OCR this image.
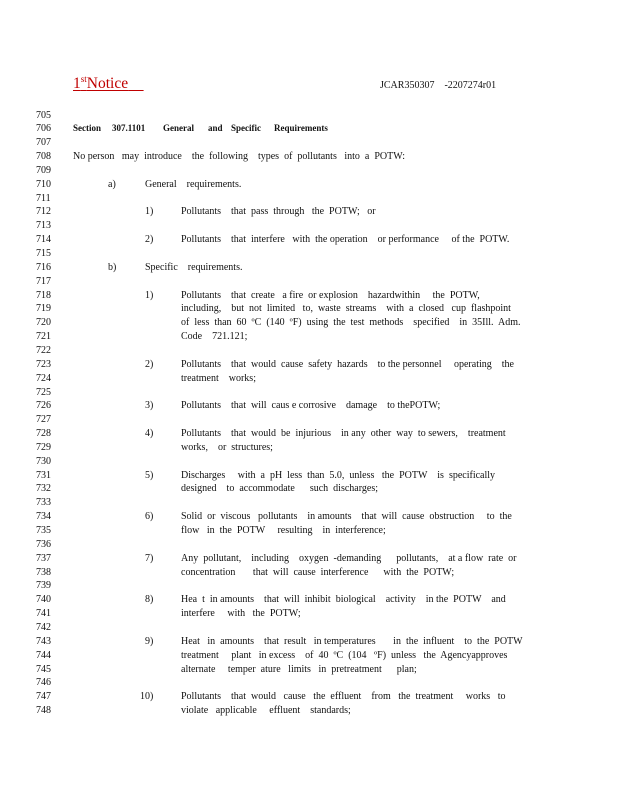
1stNotice	JCAR350307    -2207274r01
705
706 Section 307.1101 General and Specific Requirements
707
708 No person   may  introduce    the  following    types  of  pollutants   into  a  POTW:
709
710	a)	General    requirements.
711
712	1)	Pollutants    that  pass  through   the  POTW;   or
713
714	2)	Pollutants    that  interfere   with  the operation    or performance     of the  POTW.
715
716	b)	Specific    requirements.
717
718	1)	Pollutants    that  create   a fire  or explosion    hazardwithin     the  POTW,
719	including,    but  not  limited   to,  waste  streams    with  a  closed   cup  flashpoint
720	of  less  than  60  ºC  (140  ºF)  using  the  test  methods    specified    in  35Ill.  Adm.
721	Code    721.121;
722
723	2)	Pollutants    that  would  cause  safety  hazards    to the personnel     operating    the
724	treatment    works;
725
726	3)	Pollutants    that  will  caus e corrosive    damage    to thePOTW;
727
728	4)	Pollutants    that  would  be  injurious    in any  other  way  to sewers,    treatment
729	works,    or  structures;
730
731	5)	Discharges     with  a  pH  less  than  5.0,  unless   the  POTW    is  specifically
732	designed    to  accommodate      such  discharges;
733
734	6)	Solid  or  viscous   pollutants    in amounts    that  will  cause  obstruction     to  the
735	flow   in  the  POTW     resulting    in  interference;
736
737	7)	Any  pollutant,    including    oxygen  -demanding      pollutants,    at a flow  rate  or
738	concentration       that  will  cause  interference      with  the  POTW;
739
740	8)	Hea  t  in amounts    that  will  inhibit  biological    activity    in the  POTW    and
741	interfere     with   the  POTW;
742
743	9)	Heat   in  amounts    that  result   in temperatures       in  the  influent    to  the  POTW
744	treatment     plant   in excess    of  40  ºC  (104   ºF)  unless   the  Agencyapproves
745	alternate     temper  ature   limits   in  pretreatment      plan;
746
747	10)	Pollutants    that  would   cause   the  effluent    from   the  treatment     works   to
748	violate   applicable     effluent    standards;
